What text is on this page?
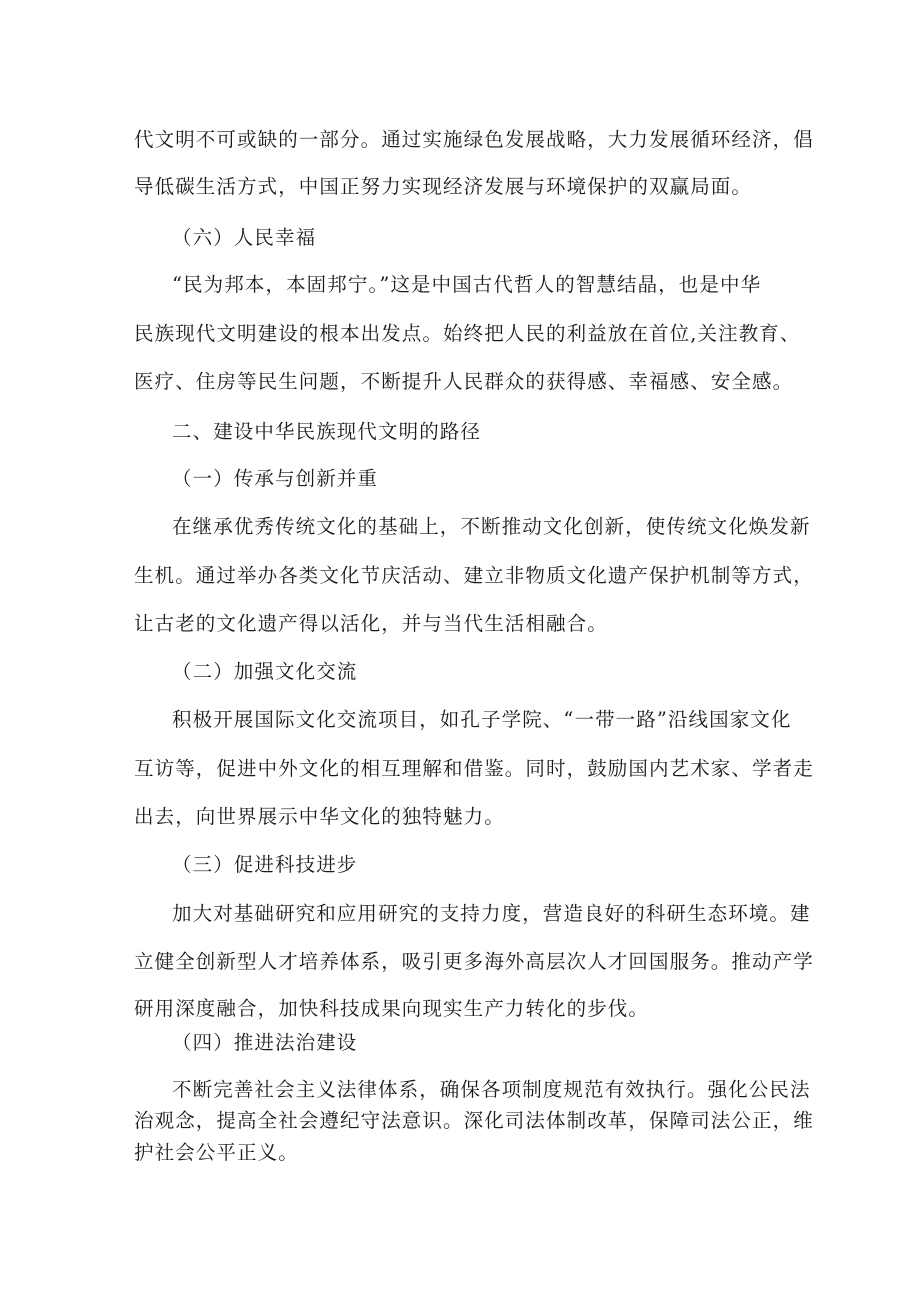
代文明不可或缺的一部分。通过实施绿色发展战略，大力发展循环经济，倡
导低碳生活方式，中国正努力实现经济发展与环境保护的双赢局面。
（六）人民幸福
“民为邦本，本固邦宁。”这是中国古代哲人的智慧结晶，也是中华
民族现代文明建设的根本出发点。始终把人民的利益放在首位,关注教育、
医疗、住房等民生问题，不断提升人民群众的获得感、幸福感、安全感。
二、建设中华民族现代文明的路径
（一）传承与创新并重
在继承优秀传统文化的基础上，不断推动文化创新，使传统文化焕发新
生机。通过举办各类文化节庆活动、建立非物质文化遗产保护机制等方式，
让古老的文化遗产得以活化，并与当代生活相融合。
（二）加强文化交流
积极开展国际文化交流项目，如孔子学院、“一带一路”沿线国家文化
互访等，促进中外文化的相互理解和借鉴。同时，鼓励国内艺术家、学者走
出去，向世界展示中华文化的独特魅力。
（三）促进科技进步
加大对基础研究和应用研究的支持力度，营造良好的科研生态环境。建
立健全创新型人才培养体系，吸引更多海外高层次人才回国服务。推动产学
研用深度融合，加快科技成果向现实生产力转化的步伐。
（四）推进法治建设
不断完善社会主义法律体系，确保各项制度规范有效执行。强化公民法
治观念，提高全社会遵纪守法意识。深化司法体制改革，保障司法公正，维
护社会公平正义。
